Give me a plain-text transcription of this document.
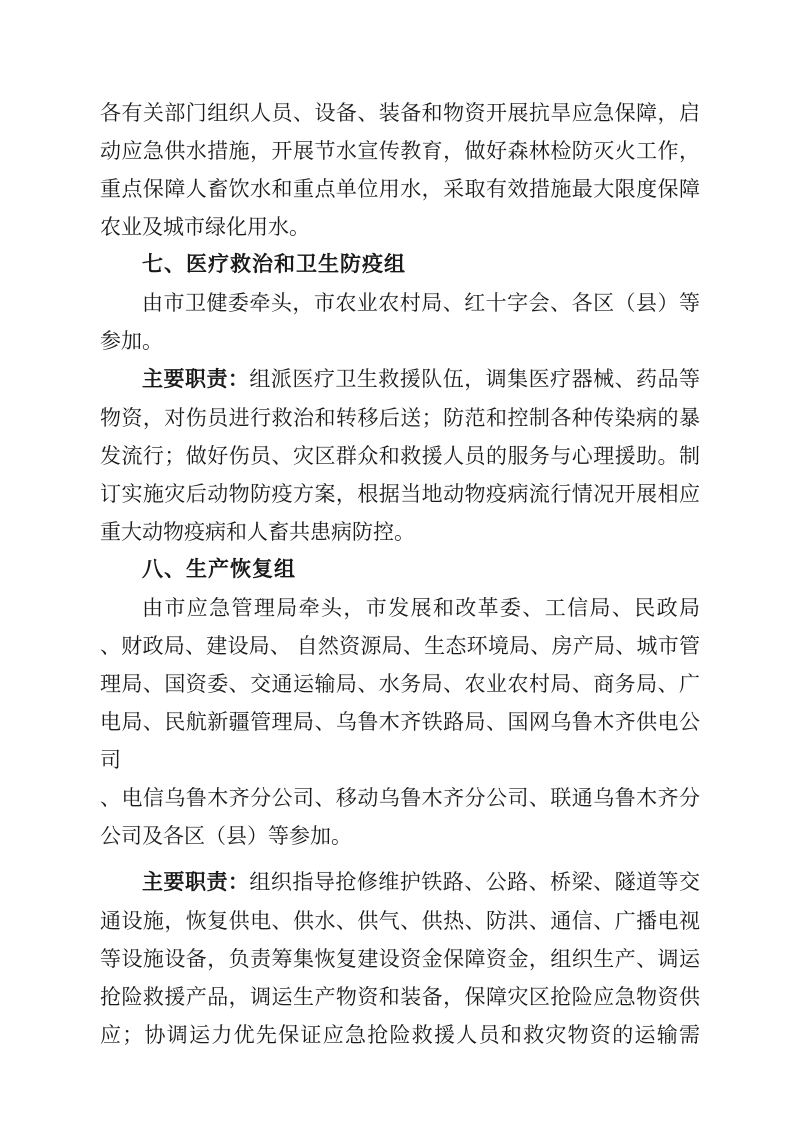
各有关部门组织人员、设备、装备和物资开展抗旱应急保障，启
动应急供水措施，开展节水宣传教育，做好森林检防灭火工作，
重点保障人畜饮水和重点单位用水，采取有效措施最大限度保障
农业及城市绿化用水。
七、医疗救治和卫生防疫组
由市卫健委牵头，市农业农村局、红十字会、各区（县）等
参加。
主要职责：组派医疗卫生救援队伍，调集医疗器械、药品等
物资，对伤员进行救治和转移后送；防范和控制各种传染病的暴
发流行；做好伤员、灾区群众和救援人员的服务与心理援助。制
订实施灾后动物防疫方案，根据当地动物疫病流行情况开展相应
重大动物疫病和人畜共患病防控。
八、生产恢复组
由市应急管理局牵头，市发展和改革委、工信局、民政局
、财政局、建设局、 自然资源局、生态环境局、房产局、城市管
理局、国资委、交通运输局、水务局、农业农村局、商务局、广
电局、民航新疆管理局、乌鲁木齐铁路局、国网乌鲁木齐供电公司
、电信乌鲁木齐分公司、移动乌鲁木齐分公司、联通乌鲁木齐分
公司及各区（县）等参加。
主要职责：组织指导抢修维护铁路、公路、桥梁、隧道等交
通设施，恢复供电、供水、供气、供热、防洪、通信、广播电视
等设施设备，负责筹集恢复建设资金保障资金，组织生产、调运
抢险救援产品，调运生产物资和装备，保障灾区抢险应急物资供
应；协调运力优先保证应急抢险救援人员和救灾物资的运输需
